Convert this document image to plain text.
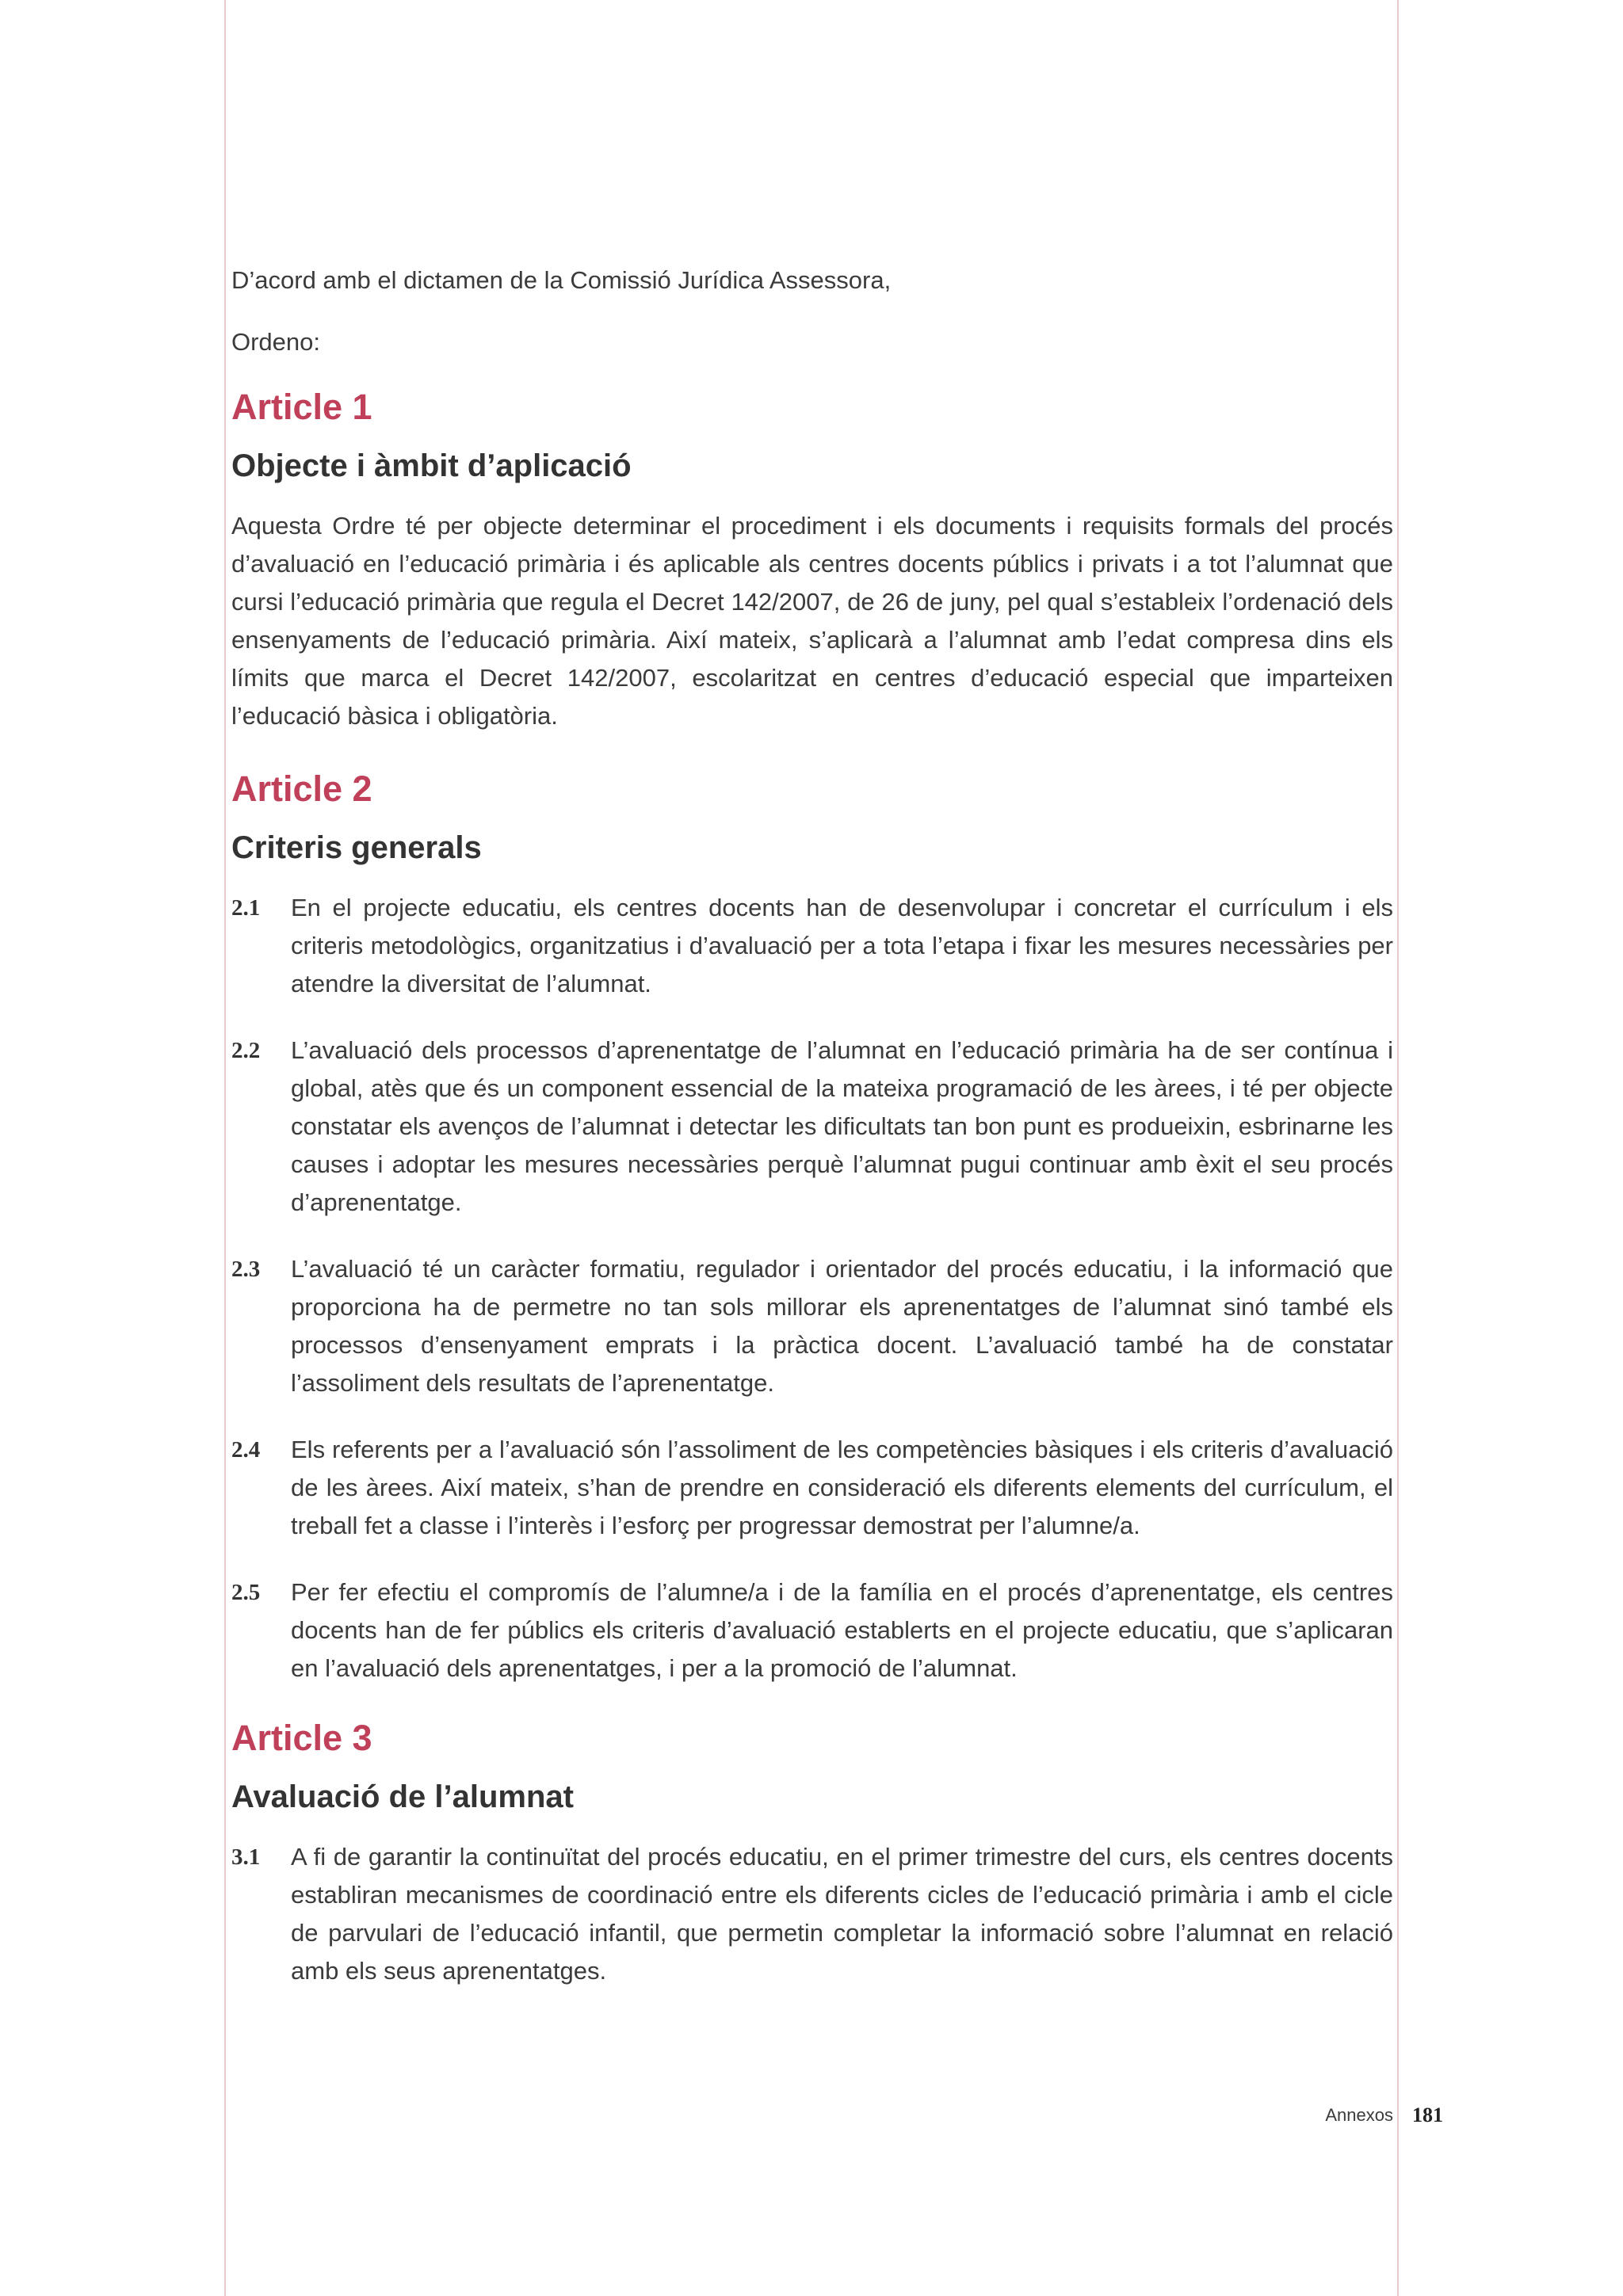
D’acord amb el dictamen de la Comissió Jurídica Assessora,

Ordeno:

Article 1
Objecte i àmbit d’aplicació

Aquesta Ordre té per objecte determinar el procediment i els documents i requisits formals del procés d’avaluació en l’educació primària i és aplicable als centres docents públics i privats i a tot l’alumnat que cursi l’educació primària que regula el Decret 142/2007, de 26 de juny, pel qual s’estableix l’ordenació dels ensenyaments de l’educació primària. Així mateix, s’aplicarà a l’alumnat amb l’edat compresa dins els límits que marca el Decret 142/2007, escolaritzat en centres d’educació especial que imparteixen l’educació bàsica i obligatòria.

Article 2
Criteris generals
2.1	En el projecte educatiu, els centres docents han de desenvolupar i concretar el currículum i els criteris metodològics, organitzatius i d’avaluació per a tota l’etapa i fixar les mesures necessàries per atendre la diversitat de l’alumnat.
2.2	L’avaluació dels processos d’aprenentatge de l’alumnat en l’educació primària ha de ser contínua i global, atès que és un component essencial de la mateixa programació de les àrees, i té per objecte constatar els avenços de l’alumnat i detectar les dificultats tan bon punt es produeixin, esbrinarne les causes i adoptar les mesures necessàries perquè l’alumnat pugui continuar amb èxit el seu procés d’aprenentatge.
2.3	L’avaluació té un caràcter formatiu, regulador i orientador del procés educatiu, i la informació que proporciona ha de permetre no tan sols millorar els aprenentatges de l’alumnat sinó també els processos d’ensenyament emprats i la pràctica docent. L’avaluació també ha de constatar l’assoliment dels resultats de l’aprenentatge.
2.4	Els referents per a l’avaluació són l’assoliment de les competències bàsiques i els criteris d’avaluació de les àrees. Així mateix, s’han de prendre en consideració els diferents elements del currículum, el treball fet a classe i l’interès i l’esforç per progressar demostrat per l’alumne/a.
2.5	Per fer efectiu el compromís de l’alumne/a i de la família en el procés d’aprenentatge, els centres docents han de fer públics els criteris d’avaluació establerts en el projecte educatiu, que s’aplicaran en l’avaluació dels aprenentatges, i per a la promoció de l’alumnat.
Article 3
Avaluació de l’alumnat
3.1	A fi de garantir la continuïtat del procés educatiu, en el primer trimestre del curs, els centres docents establiran mecanismes de coordinació entre els diferents cicles de l’educació primària i amb el cicle de parvulari de l’educació infantil, que permetin completar la informació sobre l’alumnat en relació amb els seus aprenentatges.
Annexos 181
